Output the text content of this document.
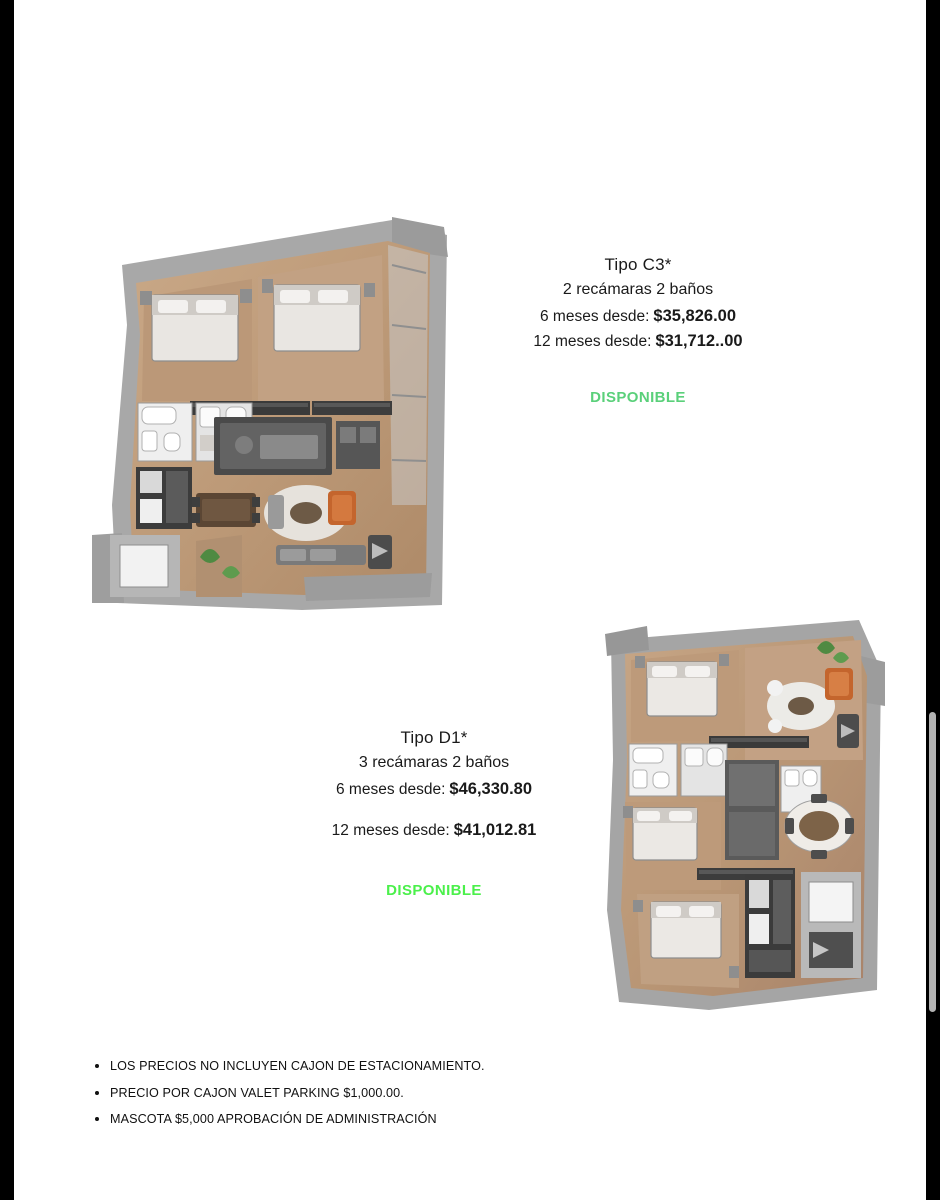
Tipo C3*
2 recámaras 2 baños
6 meses desde: $35,826.00
12 meses desde: $31,712..00
DISPONIBLE
Tipo D1*
3 recámaras 2 baños
6 meses desde: $46,330.80
12 meses desde: $41,012.81
DISPONIBLE
• LOS PRECIOS NO INCLUYEN CAJON DE ESTACIONAMIENTO.
• PRECIO POR CAJON VALET PARKING $1,000.00.
• MASCOTA $5,000 APROBACIÓN DE ADMINISTRACIÓN
